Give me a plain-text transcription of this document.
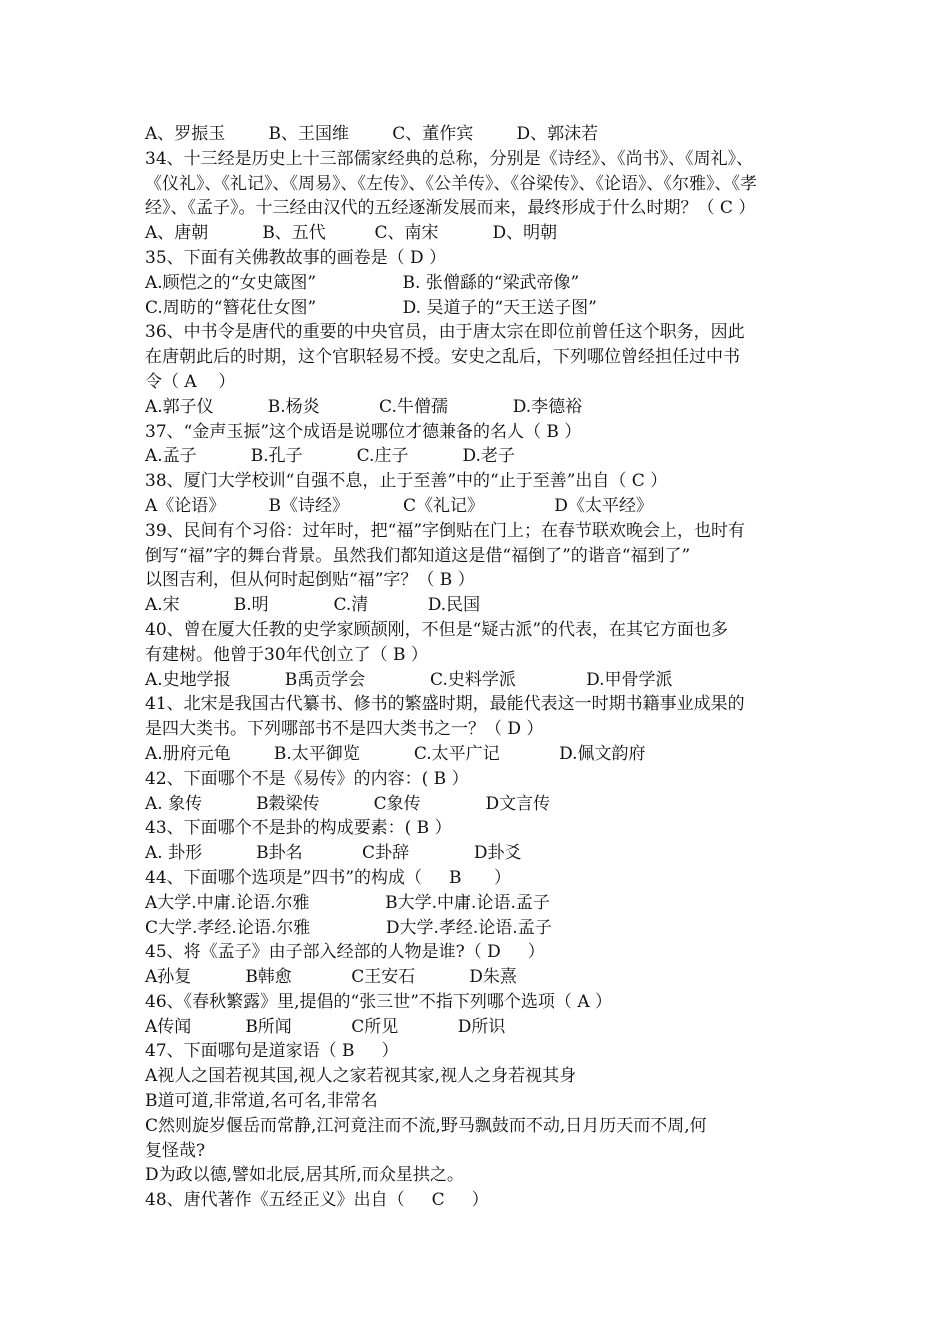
A、罗振玉        B、王国维        C、董作宾        D、郭沫若
34、十三经是历史上十三部儒家经典的总称，分别是《诗经》、《尚书》、《周礼》、
《仪礼》、《礼记》、《周易》、《左传》、《公羊传》、《谷梁传》、《论语》、《尔雅》、《孝
经》、《孟子》。十三经由汉代的五经逐渐发展而来，最终形成于什么时期？（ C ）
A、唐朝          B、五代         C、南宋          D、明朝
35、下面有关佛教故事的画卷是（ D ）
A.顾恺之的“女史箴图”                B. 张僧繇的“梁武帝像”
C.周昉的“簪花仕女图”                D. 吴道子的“天王送子图”
36、中书令是唐代的重要的中央官员，由于唐太宗在即位前曾任这个职务，因此
在唐朝此后的时期，这个官职轻易不授。安史之乱后，下列哪位曾经担任过中书
令（ A    ）
A.郭子仪          B.杨炎           C.牛僧孺            D.李德裕
37、“金声玉振”这个成语是说哪位才德兼备的名人（ B ）
A.孟子          B.孔子          C.庄子          D.老子
38、厦门大学校训“自强不息，止于至善”中的“止于至善”出自（ C ）
A《论语》        B《诗经》          C《礼记》             D《太平经》
39、民间有个习俗：过年时，把“福”字倒贴在门上；在春节联欢晚会上，也时有
倒写“福”字的舞台背景。虽然我们都知道这是借“福倒了”的谐音“福到了”
以图吉利，但从何时起倒贴“福”字？（ B ）
A.宋          B.明            C.清           D.民国
40、曾在厦大任教的史学家顾颉刚，不但是“疑古派”的代表，在其它方面也多
有建树。他曾于30年代创立了（ B ）
A.史地学报          B禹贡学会            C.史料学派             D.甲骨学派
41、北宋是我国古代纂书、修书的繁盛时期，最能代表这一时期书籍事业成果的
是四大类书。下列哪部书不是四大类书之一？（ D ）
A.册府元龟        B.太平御览          C.太平广记           D.佩文韵府
42、下面哪个不是《易传》的内容：( B ）
A. 象传          B穀梁传          C象传            D文言传
43、下面哪个不是卦的构成要素：( B ）
A. 卦形          B卦名           C卦辞            D卦爻
44、下面哪个选项是”四书”的构成（     B      ）
A大学.中庸.论语.尔雅              B大学.中庸.论语.孟子
C大学.孝经.论语.尔雅              D大学.孝经.论语.孟子
45、将《孟子》由子部入经部的人物是谁?（ D     ）
A孙复          B韩愈           C王安石          D朱熹
46、《春秋繁露》里,提倡的“张三世”不指下列哪个选项（ A ）
A传闻          B所闻           C所见           D所识
47、下面哪句是道家语（ B     ）
A视人之国若视其国,视人之家若视其家,视人之身若视其身
B道可道,非常道,名可名,非常名
C然则旋岁偃岳而常静,江河竟注而不流,野马飘鼓而不动,日月历天而不周,何
复怪哉?
D为政以德,譬如北辰,居其所,而众星拱之。
48、唐代著作《五经正义》出自（     C     ）
